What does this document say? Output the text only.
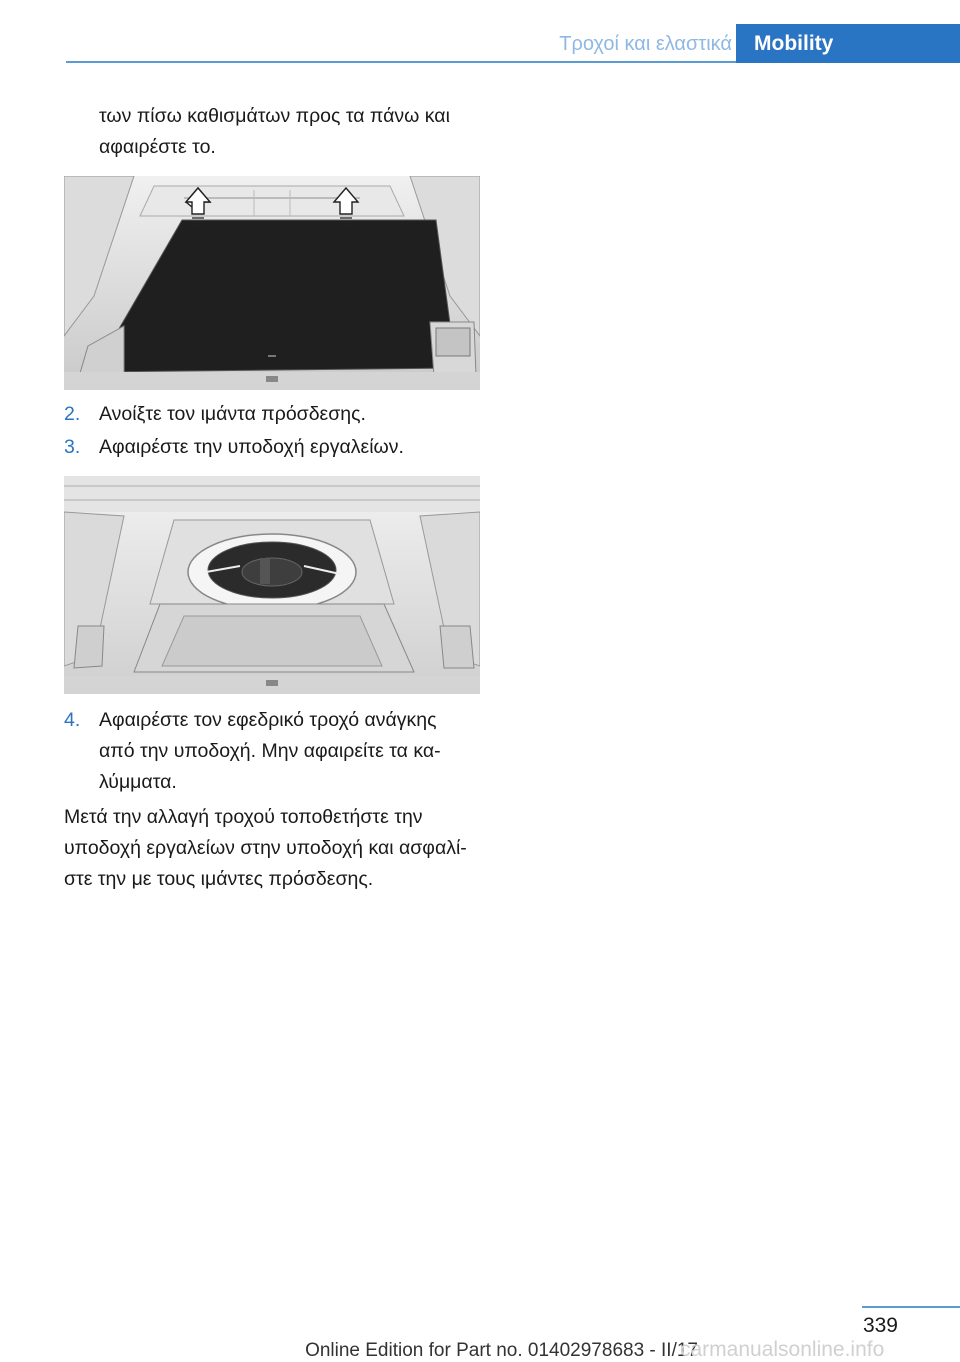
Τροχοί και ελαστικά	Mobility
των πίσω καθισμάτων προς τα πάνω και
αφαιρέστε το.
2. Ανοίξτε τον ιμάντα πρόσδεσης.
3. Αφαιρέστε την υποδοχή εργαλείων.
4. Αφαιρέστε τον εφεδρικό τροχό ανάγκης
από την υποδοχή. Μην αφαιρείτε τα κα-
λύμματα.
Μετά την αλλαγή τροχού τοποθετήστε την
υποδοχή εργαλείων στην υποδοχή και ασφαλί-
στε την με τους ιμάντες πρόσδεσης.
339
Online Edition for Part no. 01402978683 - II/17
carmanualsonline.info
